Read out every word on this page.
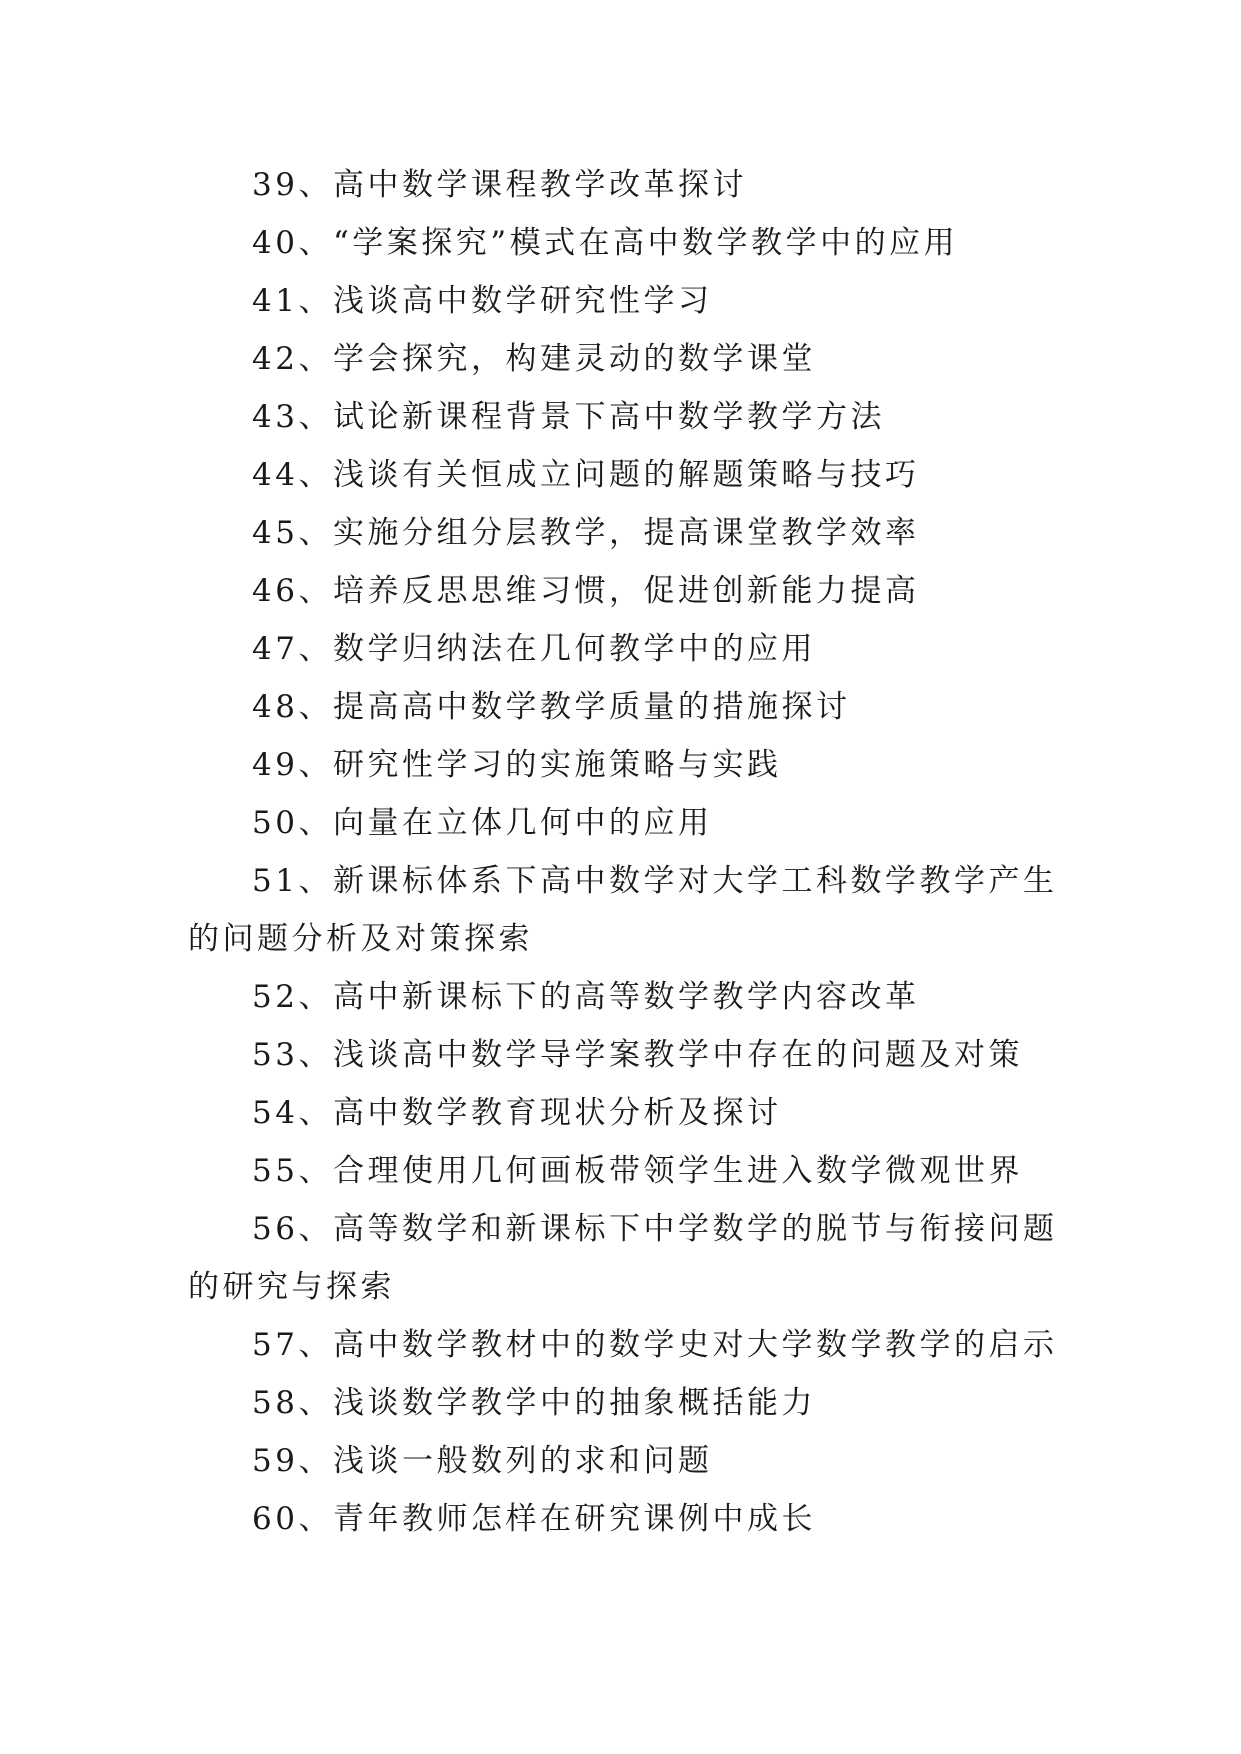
39、高中数学课程教学改革探讨

40、“学案探究”模式在高中数学教学中的应用

41、浅谈高中数学研究性学习

42、学会探究，构建灵动的数学课堂

43、试论新课程背景下高中数学教学方法

44、浅谈有关恒成立问题的解题策略与技巧

45、实施分组分层教学，提高课堂教学效率

46、培养反思思维习惯，促进创新能力提高

47、数学归纳法在几何教学中的应用

48、提高高中数学教学质量的措施探讨

49、研究性学习的实施策略与实践

50、向量在立体几何中的应用

51、新课标体系下高中数学对大学工科数学教学产生的问题分析及对策探索

52、高中新课标下的高等数学教学内容改革

53、浅谈高中数学导学案教学中存在的问题及对策

54、高中数学教育现状分析及探讨

55、合理使用几何画板带领学生进入数学微观世界

56、高等数学和新课标下中学数学的脱节与衔接问题的研究与探索

57、高中数学教材中的数学史对大学数学教学的启示

58、浅谈数学教学中的抽象概括能力

59、浅谈一般数列的求和问题

60、青年教师怎样在研究课例中成长
